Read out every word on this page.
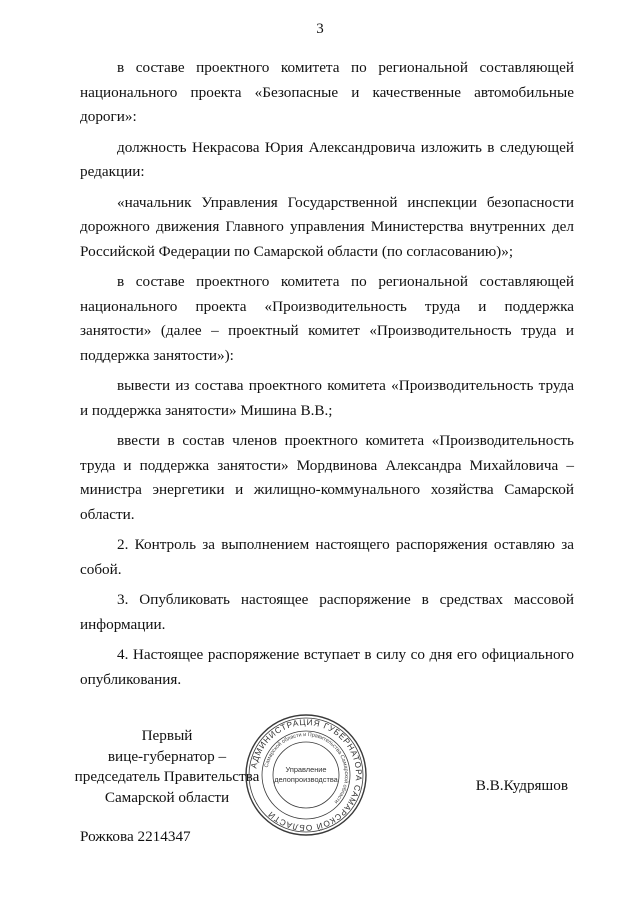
3

в составе проектного комитета по региональной составляющей национального проекта «Безопасные и качественные автомобильные дороги»:

должность Некрасова Юрия Александровича изложить в следующей редакции:

«начальник Управления Государственной инспекции безопасности дорожного движения Главного управления Министерства внутренних дел Российской Федерации по Самарской области (по согласованию)»;

в составе проектного комитета по региональной составляющей национального проекта «Производительность труда и поддержка занятости» (далее – проектный комитет «Производительность труда и поддержка занятости»):

вывести из состава проектного комитета «Производительность труда и поддержка занятости» Мишина В.В.;

ввести в состав членов проектного комитета «Производительность труда и поддержка занятости» Мордвинова Александра Михайловича – министра энергетики и жилищно-коммунального хозяйства Самарской области.

2. Контроль за выполнением настоящего распоряжения оставляю за собой.

3. Опубликовать настоящее распоряжение в средствах массовой информации.

4. Настоящее распоряжение вступает в силу со дня его официального опубликования.

Первый
вице-губернатор –
председатель Правительства
Самарской области
АДМИНИСТРАЦИЯ ГУБЕРНАТОРА САМАРСКОЙ ОБЛАСТИ
Самарской области и Правительства Самарской области
Управление
делопроизводства	В.В.Кудряшов
Рожкова 2214347
